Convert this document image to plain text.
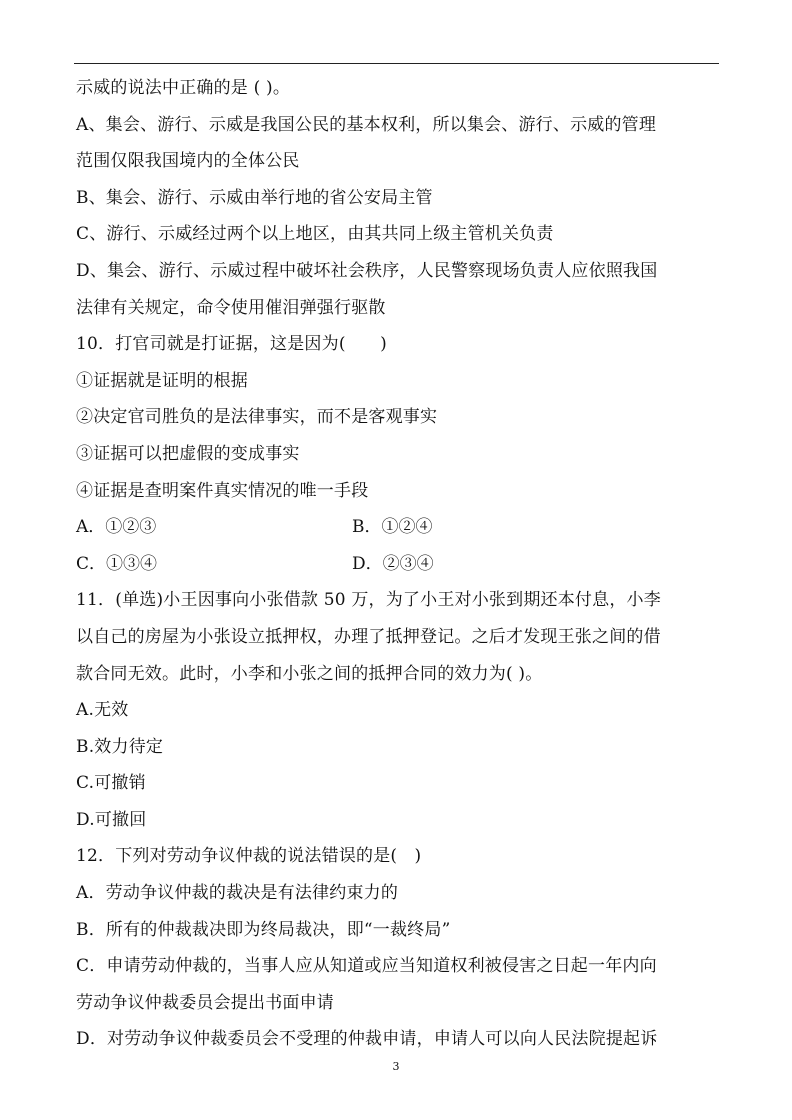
示威的说法中正确的是 ( )。
A、集会、游行、示威是我国公民的基本权利，所以集会、游行、示威的管理
范围仅限我国境内的全体公民
B、集会、游行、示威由举行地的省公安局主管
C、游行、示威经过两个以上地区，由其共同上级主管机关负责
D、集会、游行、示威过程中破坏社会秩序，人民警察现场负责人应依照我国
法律有关规定，命令使用催泪弹强行驱散
10．打官司就是打证据，这是因为(　　)
①证据就是证明的根据
②决定官司胜负的是法律事实，而不是客观事实
③证据可以把虚假的变成事实
④证据是查明案件真实情况的唯一手段
A．①②③	B．①②④
C．①③④	D．②③④
11．(单选)小王因事向小张借款 50 万，为了小王对小张到期还本付息，小李
以自己的房屋为小张设立抵押权，办理了抵押登记。之后才发现王张之间的借
款合同无效。此时，小李和小张之间的抵押合同的效力为( )。
A.无效
B.效力待定
C.可撤销
D.可撤回
12．下列对劳动争议仲裁的说法错误的是(　)
A．劳动争议仲裁的裁决是有法律约束力的
B．所有的仲裁裁决即为终局裁决，即“一裁终局”
C．申请劳动仲裁的，当事人应从知道或应当知道权利被侵害之日起一年内向
劳动争议仲裁委员会提出书面申请
D．对劳动争议仲裁委员会不受理的仲裁申请，申请人可以向人民法院提起诉
3
